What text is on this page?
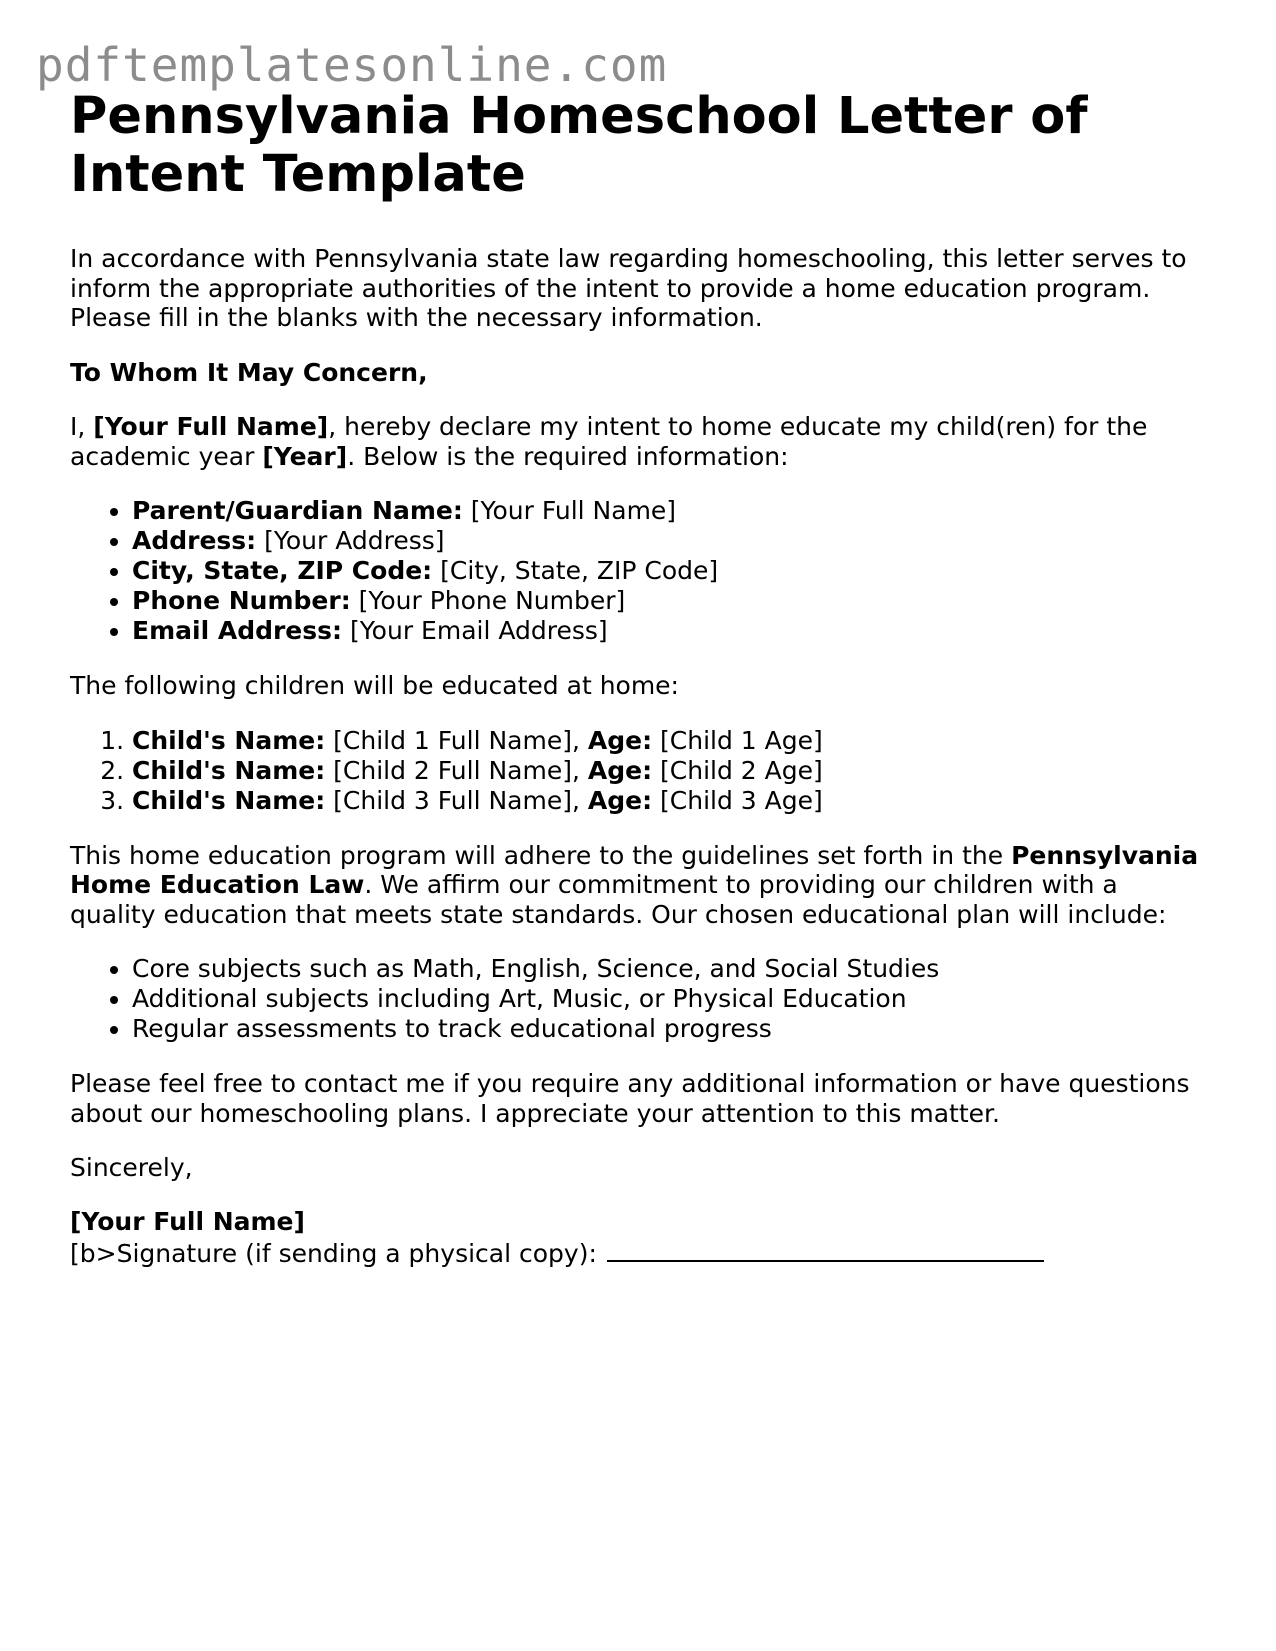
pdftemplatesonline.com
Pennsylvania Homeschool Letter of Intent Template

In accordance with Pennsylvania state law regarding homeschooling, this letter serves to inform the appropriate authorities of the intent to provide a home education program. Please fill in the blanks with the necessary information.

To Whom It May Concern,

I, [Your Full Name], hereby declare my intent to home educate my child(ren) for the academic year [Year]. Below is the required information:

• Parent/Guardian Name: [Your Full Name]
• Address: [Your Address]
• City, State, ZIP Code: [City, State, ZIP Code]
• Phone Number: [Your Phone Number]
• Email Address: [Your Email Address]

The following children will be educated at home:

1. Child's Name: [Child 1 Full Name], Age: [Child 1 Age]
2. Child's Name: [Child 2 Full Name], Age: [Child 2 Age]
3. Child's Name: [Child 3 Full Name], Age: [Child 3 Age]

This home education program will adhere to the guidelines set forth in the Pennsylvania Home Education Law. We affirm our commitment to providing our children with a quality education that meets state standards. Our chosen educational plan will include:

• Core subjects such as Math, English, Science, and Social Studies
• Additional subjects including Art, Music, or Physical Education
• Regular assessments to track educational progress

Please feel free to contact me if you require any additional information or have questions about our homeschooling plans. I appreciate your attention to this matter.

Sincerely,

[Your Full Name]
[b>Signature (if sending a physical copy):
